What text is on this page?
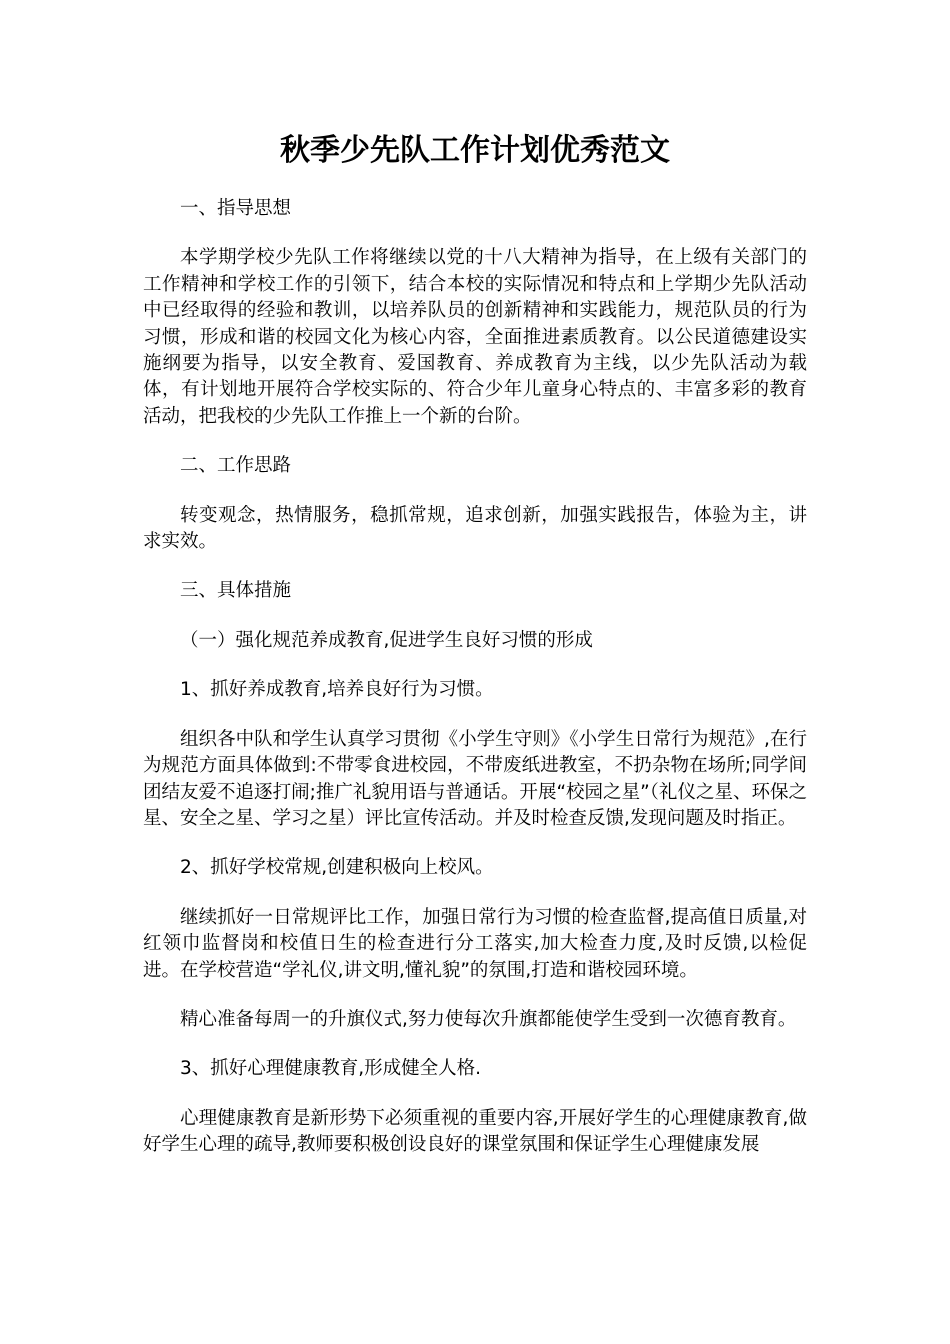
秋季少先队工作计划优秀范文

一、指导思想

本学期学校少先队工作将继续以党的十八大精神为指导，在上级有关部门的工作精神和学校工作的引领下，结合本校的实际情况和特点和上学期少先队活动中已经取得的经验和教训，以培养队员的创新精神和实践能力，规范队员的行为习惯，形成和谐的校园文化为核心内容，全面推进素质教育。以公民道德建设实施纲要为指导，以安全教育、爱国教育、养成教育为主线，以少先队活动为载体，有计划地开展符合学校实际的、符合少年儿童身心特点的、丰富多彩的教育活动，把我校的少先队工作推上一个新的台阶。

二、工作思路

转变观念，热情服务，稳抓常规，追求创新，加强实践报告，体验为主，讲求实效。

三、具体措施

（一）强化规范养成教育,促进学生良好习惯的形成

1、抓好养成教育,培养良好行为习惯。

组织各中队和学生认真学习贯彻《小学生守则》《小学生日常行为规范》,在行为规范方面具体做到:不带零食进校园，不带废纸进教室，不扔杂物在场所;同学间团结友爱不追逐打闹;推广礼貌用语与普通话。开展“校园之星”（礼仪之星、环保之星、安全之星、学习之星）评比宣传活动。并及时检查反馈,发现问题及时指正。

2、抓好学校常规,创建积极向上校风。

继续抓好一日常规评比工作，加强日常行为习惯的检查监督,提高值日质量,对红领巾监督岗和校值日生的检查进行分工落实,加大检查力度,及时反馈,以检促进。在学校营造“学礼仪,讲文明,懂礼貌”的氛围,打造和谐校园环境。

精心准备每周一的升旗仪式,努力使每次升旗都能使学生受到一次德育教育。

3、抓好心理健康教育,形成健全人格.

心理健康教育是新形势下必须重视的重要内容,开展好学生的心理健康教育,做好学生心理的疏导,教师要积极创设良好的课堂氛围和保证学生心理健康发展
